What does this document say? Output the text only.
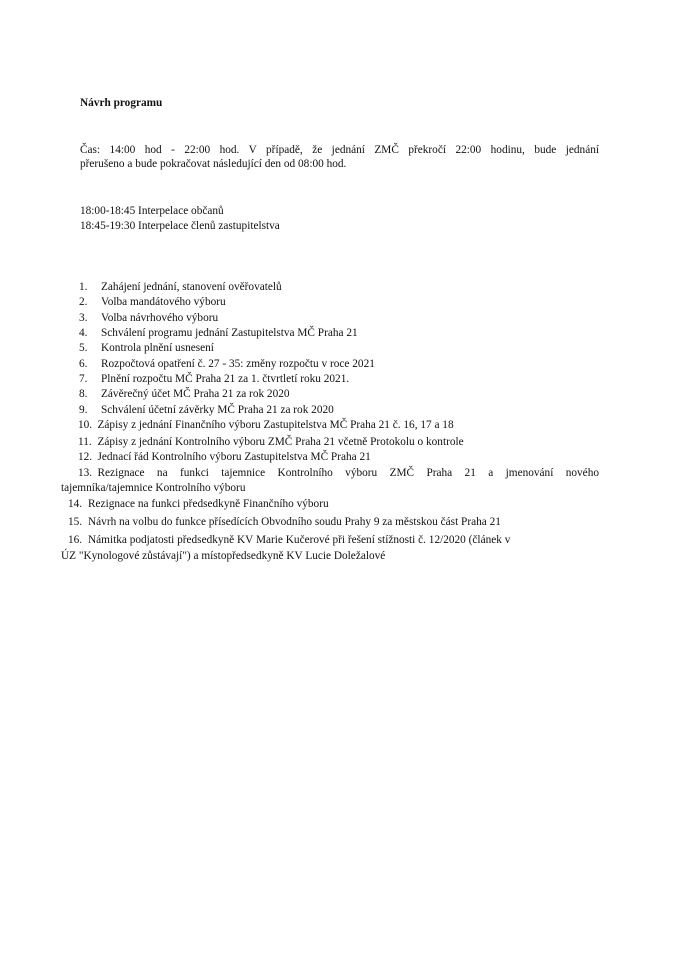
Návrh programu
Čas: 14:00 hod - 22:00 hod. V případě, že jednání ZMČ překročí 22:00 hodinu, bude jednání
přerušeno a bude pokračovat následující den od 08:00 hod.
18:00-18:45 Interpelace občanů
18:45-19:30 Interpelace členů zastupitelstva
1. Zahájení jednání, stanovení ověřovatelů
2. Volba mandátového výboru
3. Volba návrhového výboru
4. Schválení programu jednání Zastupitelstva MČ Praha 21
5. Kontrola plnění usnesení
6. Rozpočtová opatření č. 27 - 35: změny rozpočtu v roce 2021
7. Plnění rozpočtu MČ Praha 21 za 1. čtvrtletí roku 2021.
8. Závěrečný účet MČ Praha 21 za rok 2020
9. Schválení účetní závěrky MČ Praha 21 za rok 2020
10. Zápisy z jednání Finančního výboru Zastupitelstva MČ Praha 21 č. 16, 17 a 18
11. Zápisy z jednání Kontrolního výboru ZMČ Praha 21 včetně Protokolu o kontrole
12. Jednací řád Kontrolního výboru Zastupitelstva MČ Praha 21
13. Rezignace na funkci tajemnice Kontrolního výboru ZMČ Praha 21 a jmenování nového
tajemníka/tajemnice Kontrolního výboru
14. Rezignace na funkci předsedkyně Finančního výboru
15. Návrh na volbu do funkce přísedících Obvodního soudu Prahy 9 za městskou část Praha 21
16. Námitka podjatosti předsedkyně KV Marie Kučerové při řešení stížnosti č. 12/2020 (článek v
ÚZ "Kynologové zůstávají") a místopředsedkyně KV Lucie Doležalové
